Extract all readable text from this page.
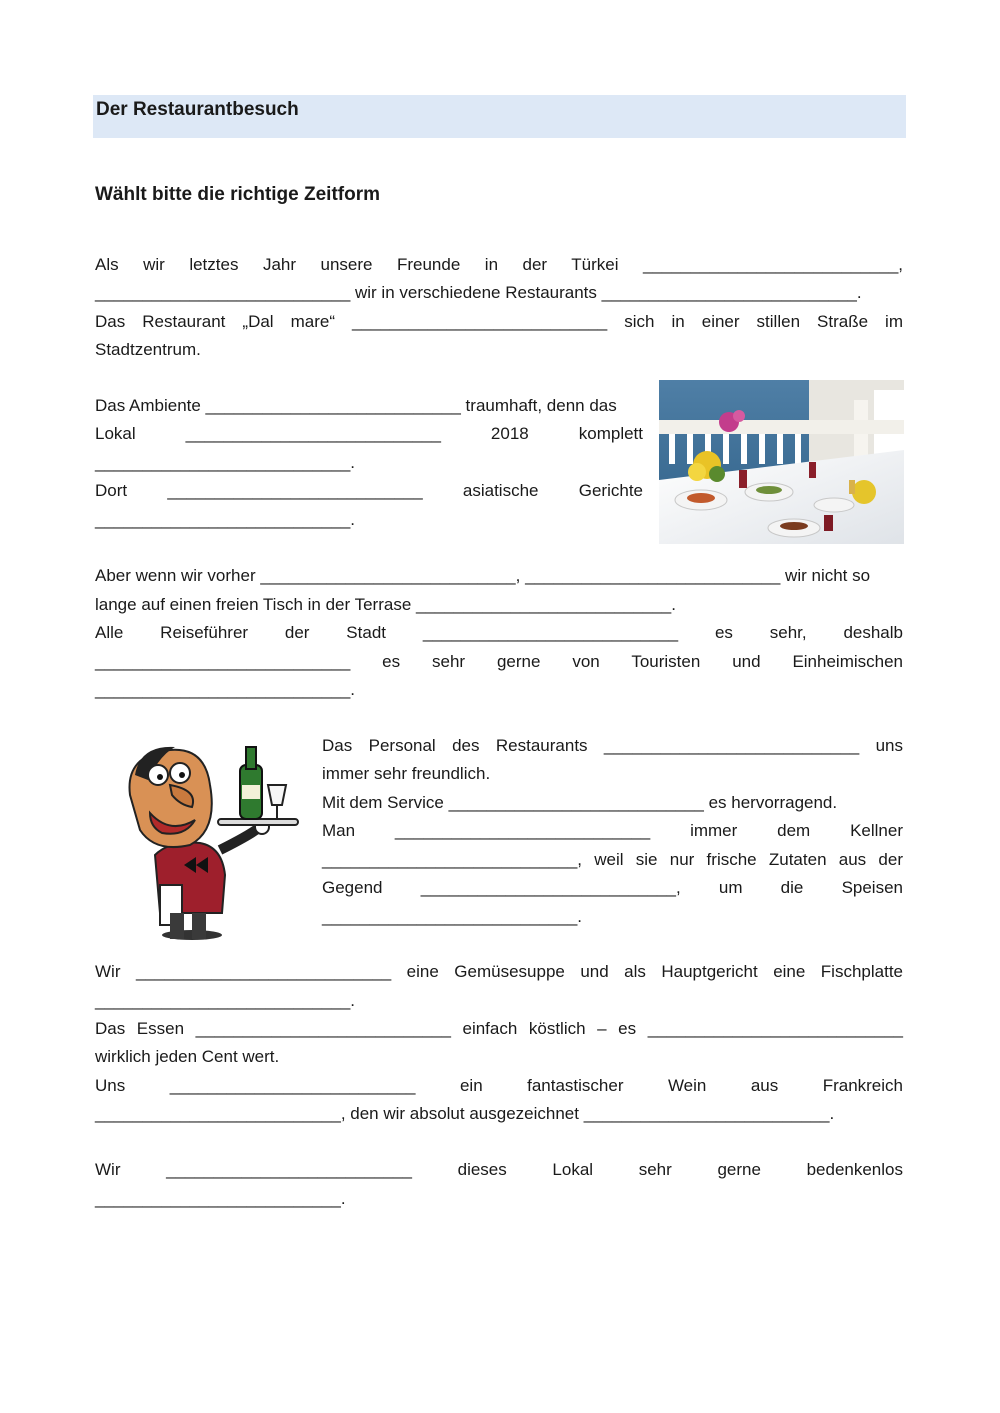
Der Restaurantbesuch
Wählt bitte die richtige Zeitform
Als wir letztes Jahr unsere Freunde in der Türkei ___________________________,
___________________________ wir in verschiedene Restaurants ___________________________.
Das Restaurant „Dal mare“ ___________________________ sich in einer stillen Straße im
Stadtzentrum.
Das Ambiente ___________________________ traumhaft, denn das
Lokal ___________________________ 2018 komplett
___________________________.
Dort ___________________________ asiatische Gerichte
___________________________.
Aber wenn wir vorher ___________________________, ___________________________ wir nicht so
lange auf einen freien Tisch in der Terrase ___________________________.
Alle Reiseführer der Stadt ___________________________ es sehr, deshalb
___________________________ es sehr gerne von Touristen und Einheimischen
___________________________.
Das Personal des Restaurants ___________________________ uns
immer sehr freundlich.
Mit dem Service ___________________________ es hervorragend.
Man ___________________________ immer dem Kellner
___________________________, weil sie nur frische Zutaten aus der
Gegend ___________________________, um die Speisen
___________________________.
Wir ___________________________ eine Gemüsesuppe und als Hauptgericht eine Fischplatte
___________________________.
Das Essen ___________________________ einfach köstlich – es ___________________________
wirklich jeden Cent wert.
Uns __________________________ ein fantastischer Wein aus Frankreich
__________________________, den wir absolut ausgezeichnet __________________________.
Wir __________________________ dieses Lokal sehr gerne bedenkenlos
__________________________.
